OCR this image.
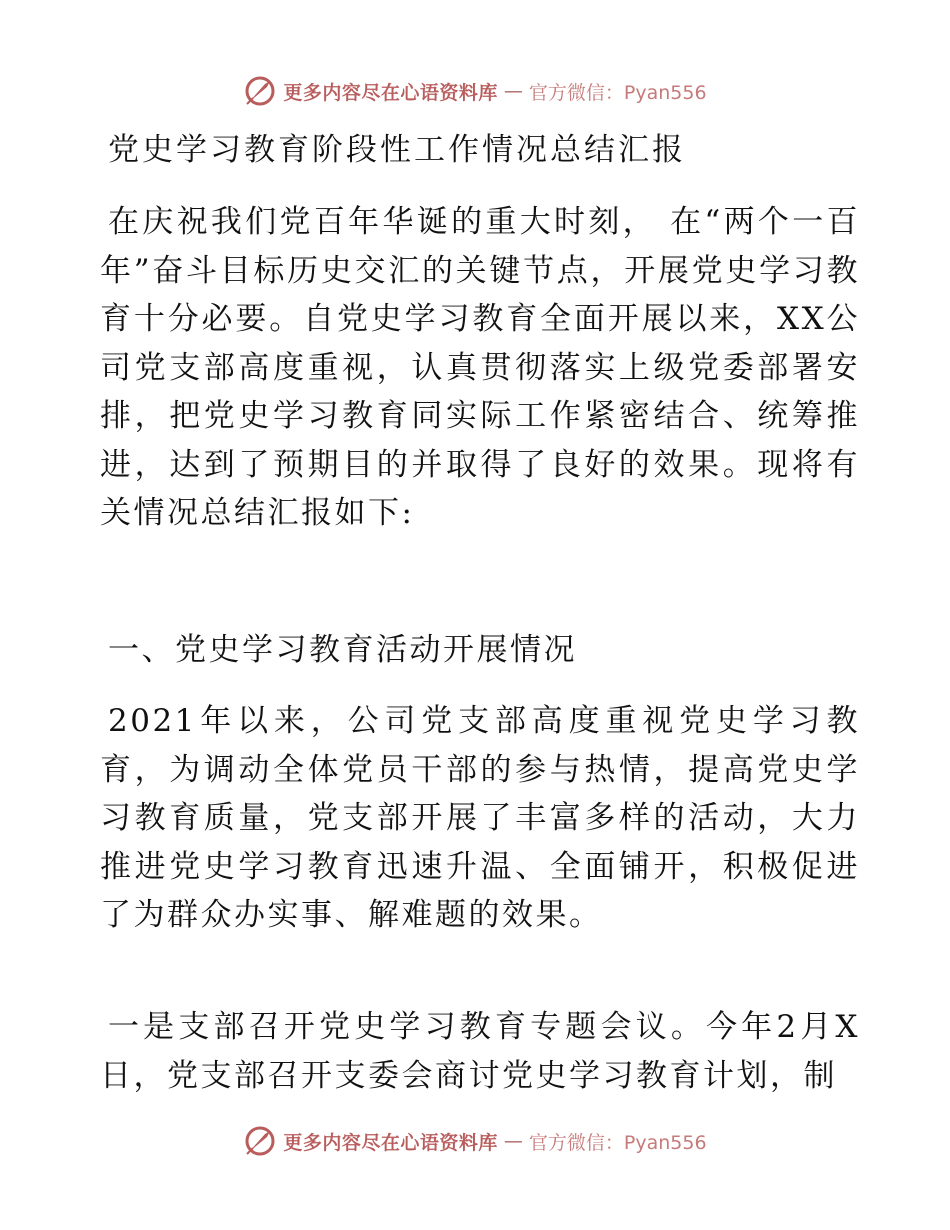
更多内容尽在心语资料库 — 官方微信：Pyan556
党史学习教育阶段性工作情况总结汇报

在庆祝我们党百年华诞的重大时刻， 在“两个一百年”奋斗目标历史交汇的关键节点，开展党史学习教育十分必要。自党史学习教育全面开展以来，XX公司党支部高度重视，认真贯彻落实上级党委部署安排，把党史学习教育同实际工作紧密结合、统筹推进，达到了预期目的并取得了良好的效果。现将有关情况总结汇报如下:

一、党史学习教育活动开展情况

2021年以来，公司党支部高度重视党史学习教育，为调动全体党员干部的参与热情，提高党史学习教育质量，党支部开展了丰富多样的活动，大力推进党史学习教育迅速升温、全面铺开，积极促进了为群众办实事、解难题的效果。

一是支部召开党史学习教育专题会议。今年2月X日，党支部召开支委会商讨党史学习教育计划，制

更多内容尽在心语资料库 — 官方微信：Pyan556
